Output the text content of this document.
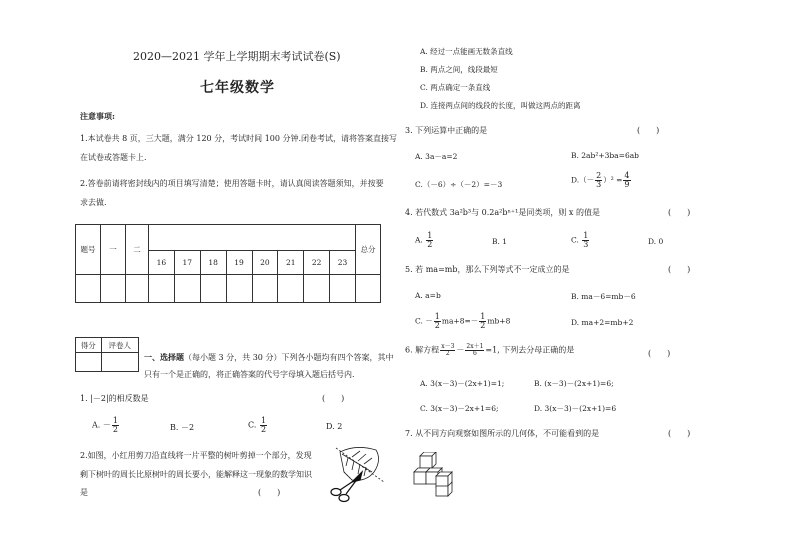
2020—2021 学年上学期期末考试试卷(S)
七年级数学
注意事项:
1.本试卷共 8 页，三大题，满分 120 分，考试时间 100 分钟.闭卷考试，请将答案直接写
在试卷或答题卡上.
2.答卷前请将密封线内的项目填写清楚；使用答题卡时，请认真阅读答题须知，并按要
求去做.
题号	一	二									总分
			16	17	18	19	20	21	22	23	

得分	评卷人

一、选择题（每小题 3 分，共 30 分）下列各小题均有四个答案，其中
只有一个是正确的，将正确答案的代号字母填入题后括号内.
1. |－2|的相反数是	(　　)
A. － $\frac{1}{2}$	B. －2	C. $\frac{1}{2}$	D. 2
2.如图，小红用剪刀沿直线将一片平整的树叶剪掉一个部分，发现
剩下树叶的周长比原树叶的周长要小，能解释这一现象的数学知识
是	(　　)
A. 经过一点能画无数条直线
B. 两点之间，线段最短
C. 两点确定一条直线
D. 连接两点间的线段的长度，叫做这两点的距离
3. 下列运算中正确的是	(　　)
A. 3a－a=2	B. 2ab²+3ba=6ab
C.（－6）÷（－2）=－3	$D.(- \frac{2}{3} )^2 = \frac{4}{9}$
4. 若代数式 3a²b³与 0.2a²bⁿ⁺¹是同类项，则 x 的值是	(　　)
A. $\frac{1}{2}$	B. 1	C. $\frac{1}{3}$	D. 0
5. 若 ma=mb，那么下列等式不一定成立的是	(　　)
A. a=b	B. ma－6=mb－6
C. － $\frac{1}{2} ma+8=- \frac{1}{2} mb+8$	D. ma+2=mb+2
6. 解方程 $\frac{x-3}{2} - \frac{2x+1}{6} =1$, 下列去分母正确的是	(　　)
A. 3(x－3)－(2x+1)=1;	B. (x－3)－(2x+1)=6;
C. 3(x－3)－2x+1=6;	D. 3(x－3)－(2x+1)=6
7. 从不同方向观察如图所示的几何体，不可能看到的是	(　　)
